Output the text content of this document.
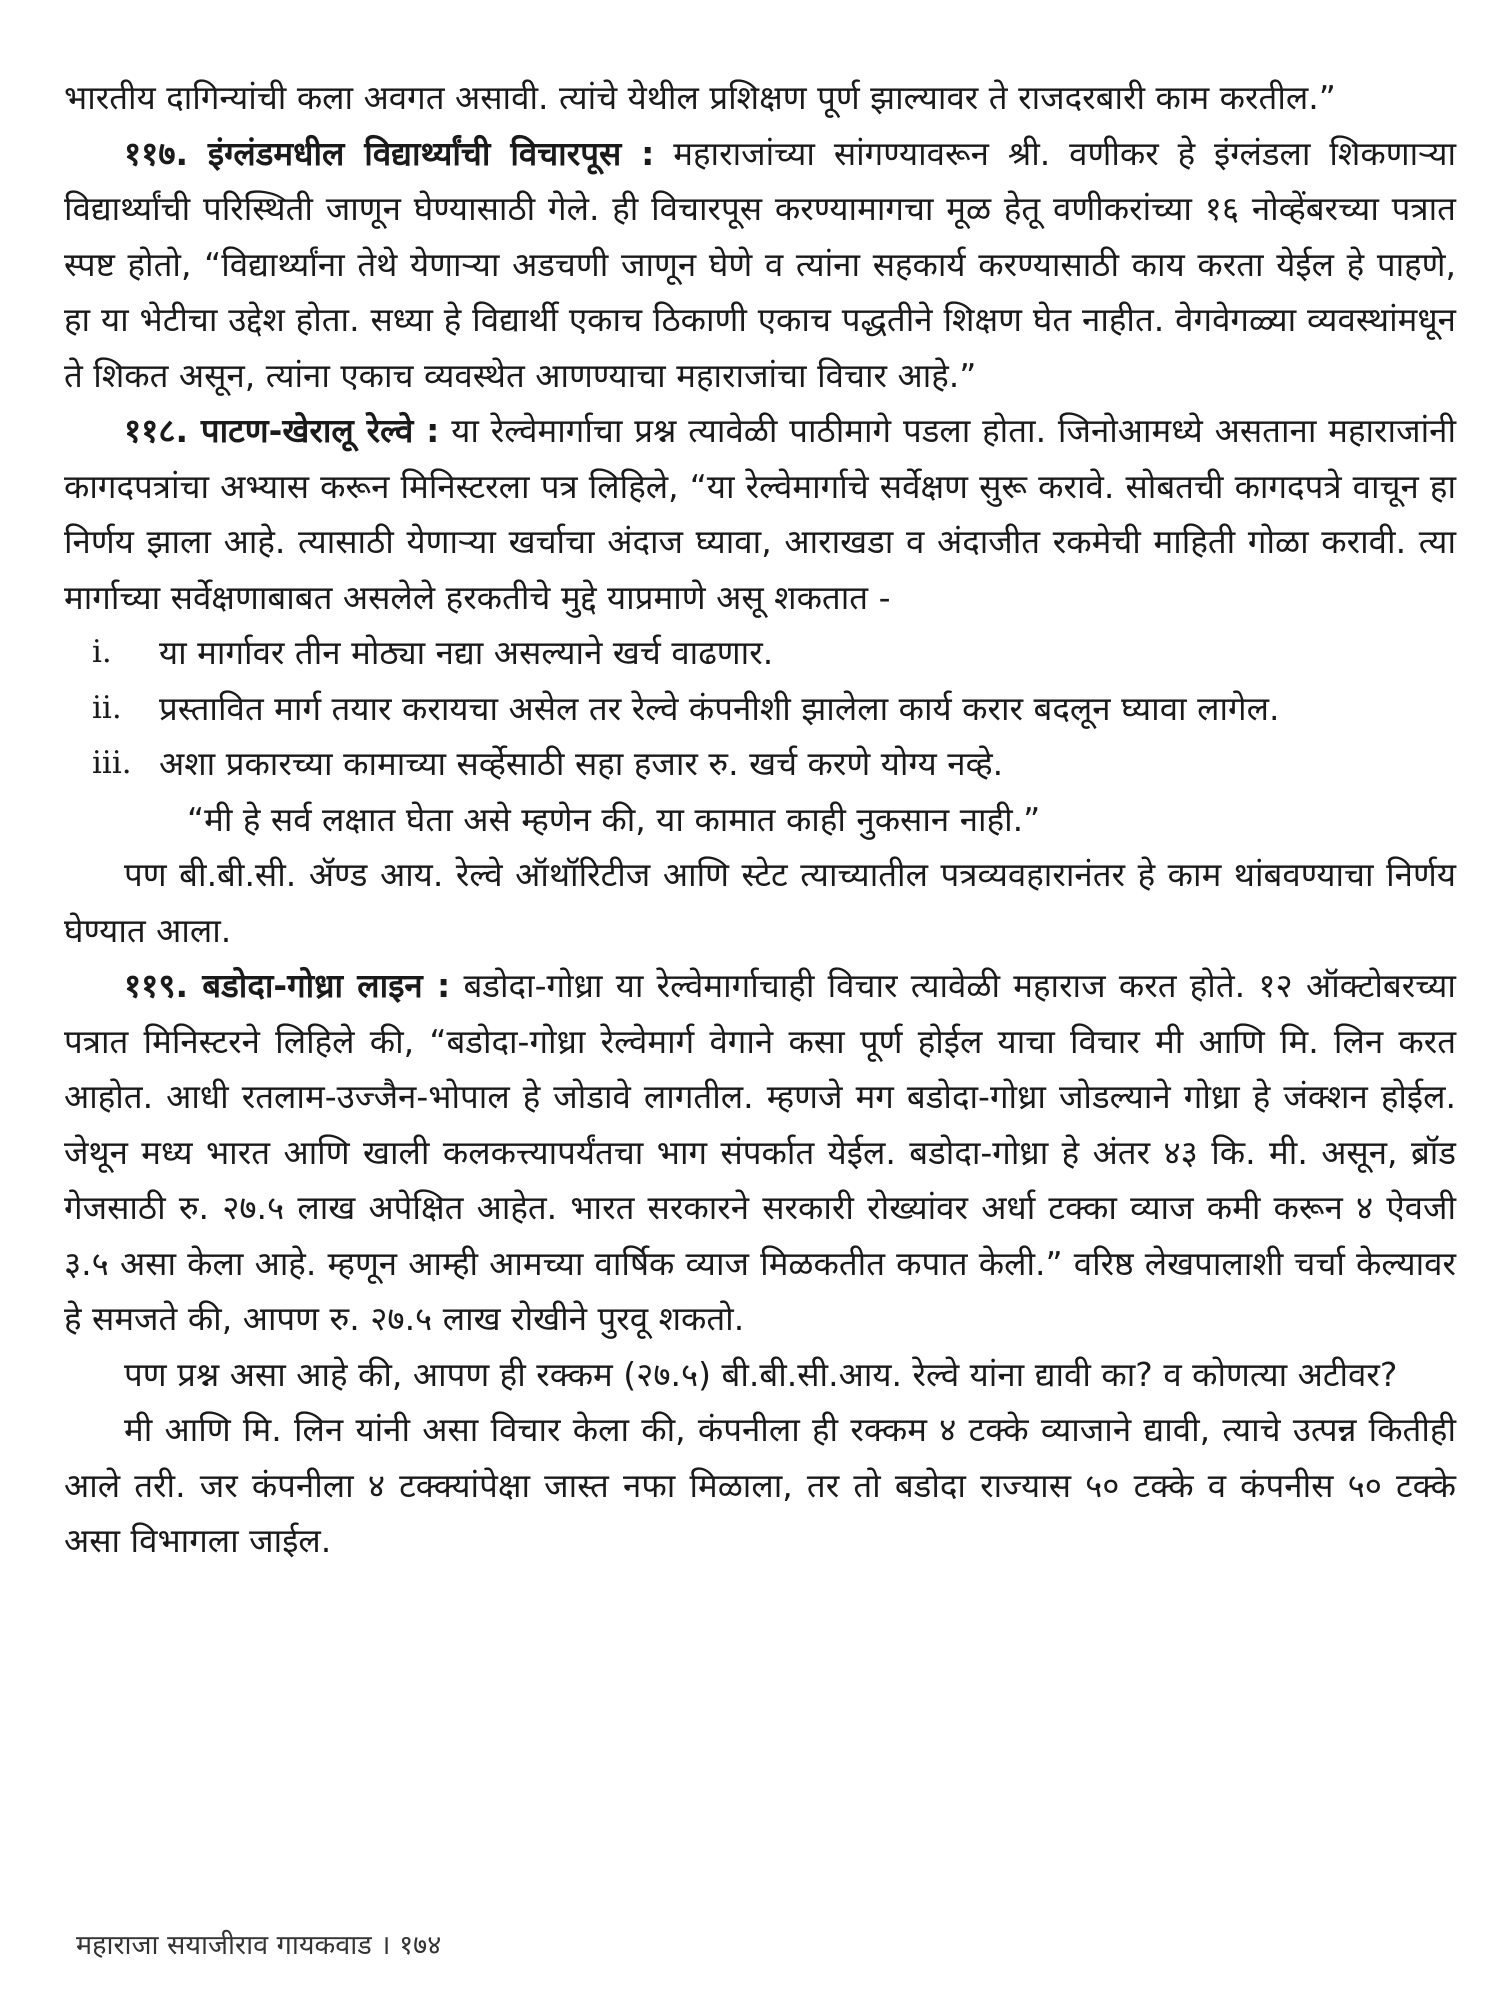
भारतीय दागिन्यांची कला अवगत असावी. त्यांचे येथील प्रशिक्षण पूर्ण झाल्यावर ते राजदरबारी काम करतील.”

११७. इंग्लंडमधील विद्यार्थ्यांची विचारपूस : महाराजांच्या सांगण्यावरून श्री. वणीकर हे इंग्लंडला शिकणाऱ्या विद्यार्थ्यांची परिस्थिती जाणून घेण्यासाठी गेले. ही विचारपूस करण्यामागचा मूळ हेतू वणीकरांच्या १६ नोव्हेंबरच्या पत्रात स्पष्ट होतो, “विद्यार्थ्यांना तेथे येणाऱ्या अडचणी जाणून घेणे व त्यांना सहकार्य करण्यासाठी काय करता येईल हे पाहणे, हा या भेटीचा उद्देश होता. सध्या हे विद्यार्थी एकाच ठिकाणी एकाच पद्धतीने शिक्षण घेत नाहीत. वेगवेगळ्या व्यवस्थांमधून ते शिकत असून, त्यांना एकाच व्यवस्थेत आणण्याचा महाराजांचा विचार आहे.”

११८. पाटण-खेरालू रेल्वे : या रेल्वेमार्गाचा प्रश्न त्यावेळी पाठीमागे पडला होता. जिनोआमध्ये असताना महाराजांनी कागदपत्रांचा अभ्यास करून मिनिस्टरला पत्र लिहिले, “या रेल्वेमार्गाचे सर्वेक्षण सुरू करावे. सोबतची कागदपत्रे वाचून हा निर्णय झाला आहे. त्यासाठी येणाऱ्या खर्चाचा अंदाज घ्यावा, आराखडा व अंदाजीत रकमेची माहिती गोळा करावी. त्या मार्गाच्या सर्वेक्षणाबाबत असलेले हरकतीचे मुद्दे याप्रमाणे असू शकतात -

i.	या मार्गावर तीन मोठ्या नद्या असल्याने खर्च वाढणार.
ii.	प्रस्तावित मार्ग तयार करायचा असेल तर रेल्वे कंपनीशी झालेला कार्य करार बदलून घ्यावा लागेल.
iii. अशा प्रकारच्या कामाच्या सर्व्हेसाठी सहा हजार रु. खर्च करणे योग्य नव्हे.

“मी हे सर्व लक्षात घेता असे म्हणेन की, या कामात काही नुकसान नाही.”

पण बी.बी.सी. ॲण्ड आय. रेल्वे ऑथॉरिटीज आणि स्टेट त्याच्यातील पत्रव्यवहारानंतर हे काम थांबवण्याचा निर्णय घेण्यात आला.

११९. बडोदा-गोध्रा लाइन : बडोदा-गोध्रा या रेल्वेमार्गाचाही विचार त्यावेळी महाराज करत होते. १२ ऑक्टोबरच्या पत्रात मिनिस्टरने लिहिले की, “बडोदा-गोध्रा रेल्वेमार्ग वेगाने कसा पूर्ण होईल याचा विचार मी आणि मि. लिन करत आहोत. आधी रतलाम-उज्जैन-भोपाल हे जोडावे लागतील. म्हणजे मग बडोदा-गोध्रा जोडल्याने गोध्रा हे जंक्शन होईल. जेथून मध्य भारत आणि खाली कलकत्त्यापर्यंतचा भाग संपर्कात येईल. बडोदा-गोध्रा हे अंतर ४३ कि. मी. असून, ब्रॉड गेजसाठी रु. २७.५ लाख अपेक्षित आहेत. भारत सरकारने सरकारी रोख्यांवर अर्धा टक्का व्याज कमी करून ४ ऐवजी ३.५ असा केला आहे. म्हणून आम्ही आमच्या वार्षिक व्याज मिळकतीत कपात केली.” वरिष्ठ लेखपालाशी चर्चा केल्यावर हे समजते की, आपण रु. २७.५ लाख रोखीने पुरवू शकतो.

पण प्रश्न असा आहे की, आपण ही रक्कम (२७.५) बी.बी.सी.आय. रेल्वे यांना द्यावी का? व कोणत्या अटीवर?

मी आणि मि. लिन यांनी असा विचार केला की, कंपनीला ही रक्कम ४ टक्के व्याजाने द्यावी, त्याचे उत्पन्न कितीही आले तरी. जर कंपनीला ४ टक्क्यांपेक्षा जास्त नफा मिळाला, तर तो बडोदा राज्यास ५० टक्के व कंपनीस ५० टक्के असा विभागला जाईल.

महाराजा सयाजीराव गायकवाड । १७४
